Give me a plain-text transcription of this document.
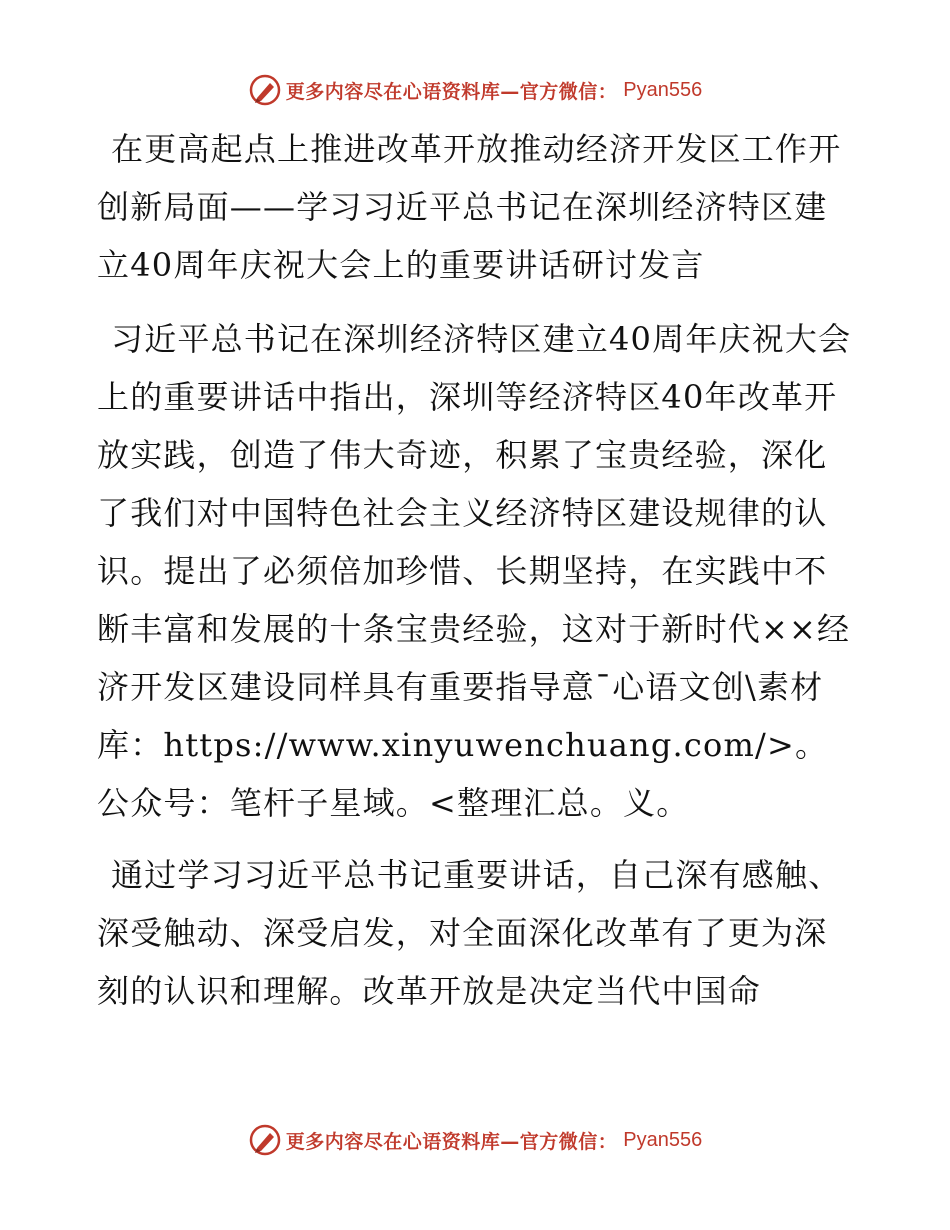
更多内容尽在心语资料库—官方微信： Pyan556
在更高起点上推进改革开放推动经济开发区工作开创新局面——学习习近平总书记在深圳经济特区建立40周年庆祝大会上的重要讲话研讨发言

习近平总书记在深圳经济特区建立40周年庆祝大会上的重要讲话中指出，深圳等经济特区40年改革开放实践，创造了伟大奇迹，积累了宝贵经验，深化了我们对中国特色社会主义经济特区建设规律的认识。提出了必须倍加珍惜、长期坚持，在实践中不断丰富和发展的十条宝贵经验，这对于新时代××经济开发区建设同样具有重要指导意¯心语文创\素材库：https://www.xinyuwenchuang.com/>。公众号：笔杆子星域。<整理汇总。义。

通过学习习近平总书记重要讲话，自己深有感触、深受触动、深受启发，对全面深化改革有了更为深刻的认识和理解。改革开放是决定当代中国命

更多内容尽在心语资料库—官方微信： Pyan556
